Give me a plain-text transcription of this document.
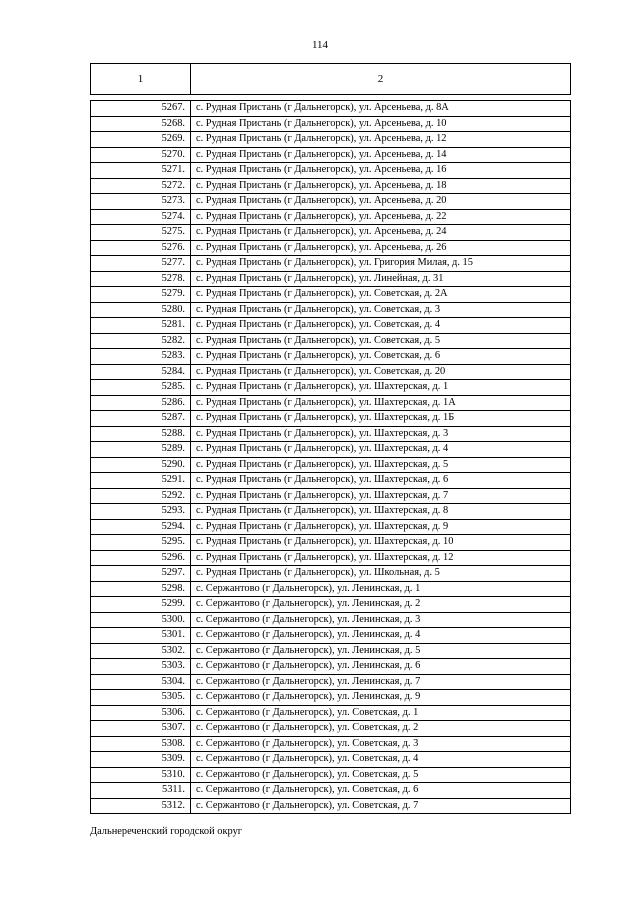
114
1	2
5267.	с. Рудная Пристань (г Дальнегорск), ул. Арсеньева, д. 8А
5268.	с. Рудная Пристань (г Дальнегорск), ул. Арсеньева, д. 10
5269.	с. Рудная Пристань (г Дальнегорск), ул. Арсеньева, д. 12
5270.	с. Рудная Пристань (г Дальнегорск), ул. Арсеньева, д. 14
5271.	с. Рудная Пристань (г Дальнегорск), ул. Арсеньева, д. 16
5272.	с. Рудная Пристань (г Дальнегорск), ул. Арсеньева, д. 18
5273.	с. Рудная Пристань (г Дальнегорск), ул. Арсеньева, д. 20
5274.	с. Рудная Пристань (г Дальнегорск), ул. Арсеньева, д. 22
5275.	с. Рудная Пристань (г Дальнегорск), ул. Арсеньева, д. 24
5276.	с. Рудная Пристань (г Дальнегорск), ул. Арсеньева, д. 26
5277.	с. Рудная Пристань (г Дальнегорск), ул. Григория Милая, д. 15
5278.	с. Рудная Пристань (г Дальнегорск), ул. Линейная, д. 31
5279.	с. Рудная Пристань (г Дальнегорск), ул. Советская, д. 2А
5280.	с. Рудная Пристань (г Дальнегорск), ул. Советская, д. 3
5281.	с. Рудная Пристань (г Дальнегорск), ул. Советская, д. 4
5282.	с. Рудная Пристань (г Дальнегорск), ул. Советская, д. 5
5283.	с. Рудная Пристань (г Дальнегорск), ул. Советская, д. 6
5284.	с. Рудная Пристань (г Дальнегорск), ул. Советская, д. 20
5285.	с. Рудная Пристань (г Дальнегорск), ул. Шахтерская, д. 1
5286.	с. Рудная Пристань (г Дальнегорск), ул. Шахтерская, д. 1А
5287.	с. Рудная Пристань (г Дальнегорск), ул. Шахтерская, д. 1Б
5288.	с. Рудная Пристань (г Дальнегорск), ул. Шахтерская, д. 3
5289.	с. Рудная Пристань (г Дальнегорск), ул. Шахтерская, д. 4
5290.	с. Рудная Пристань (г Дальнегорск), ул. Шахтерская, д. 5
5291.	с. Рудная Пристань (г Дальнегорск), ул. Шахтерская, д. 6
5292.	с. Рудная Пристань (г Дальнегорск), ул. Шахтерская, д. 7
5293.	с. Рудная Пристань (г Дальнегорск), ул. Шахтерская, д. 8
5294.	с. Рудная Пристань (г Дальнегорск), ул. Шахтерская, д. 9
5295.	с. Рудная Пристань (г Дальнегорск), ул. Шахтерская, д. 10
5296.	с. Рудная Пристань (г Дальнегорск), ул. Шахтерская, д. 12
5297.	с. Рудная Пристань (г Дальнегорск), ул. Школьная, д. 5
5298.	с. Сержантово (г Дальнегорск), ул. Ленинская, д. 1
5299.	с. Сержантово (г Дальнегорск), ул. Ленинская, д. 2
5300.	с. Сержантово (г Дальнегорск), ул. Ленинская, д. 3
5301.	с. Сержантово (г Дальнегорск), ул. Ленинская, д. 4
5302.	с. Сержантово (г Дальнегорск), ул. Ленинская, д. 5
5303.	с. Сержантово (г Дальнегорск), ул. Ленинская, д. 6
5304.	с. Сержантово (г Дальнегорск), ул. Ленинская, д. 7
5305.	с. Сержантово (г Дальнегорск), ул. Ленинская, д. 9
5306.	с. Сержантово (г Дальнегорск), ул. Советская, д. 1
5307.	с. Сержантово (г Дальнегорск), ул. Советская, д. 2
5308.	с. Сержантово (г Дальнегорск), ул. Советская, д. 3
5309.	с. Сержантово (г Дальнегорск), ул. Советская, д. 4
5310.	с. Сержантово (г Дальнегорск), ул. Советская, д. 5
5311.	с. Сержантово (г Дальнегорск), ул. Советская, д. 6
5312.	с. Сержантово (г Дальнегорск), ул. Советская, д. 7
Дальнереченский городской округ
